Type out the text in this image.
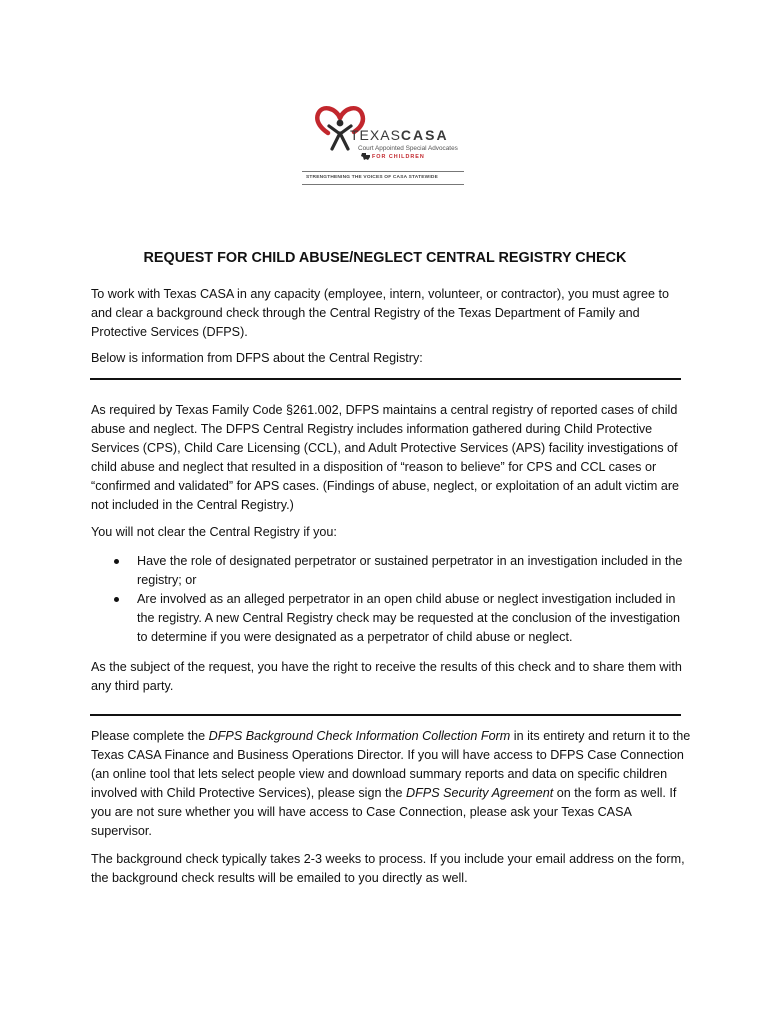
TEXASCASA
Court Appointed Special Advocates
FOR CHILDREN
STRENGTHENING THE VOICES OF CASA STATEWIDE
REQUEST FOR CHILD ABUSE/NEGLECT CENTRAL REGISTRY CHECK

To work with Texas CASA in any capacity (employee, intern, volunteer, or contractor), you must agree to and clear a background check through the Central Registry of the Texas Department of Family and Protective Services (DFPS).

Below is information from DFPS about the Central Registry:

As required by Texas Family Code §261.002, DFPS maintains a central registry of reported cases of child abuse and neglect. The DFPS Central Registry includes information gathered during Child Protective Services (CPS), Child Care Licensing (CCL), and Adult Protective Services (APS) facility investigations of child abuse and neglect that resulted in a disposition of “reason to believe” for CPS and CCL cases or “confirmed and validated” for APS cases. (Findings of abuse, neglect, or exploitation of an adult victim are not included in the Central Registry.)

You will not clear the Central Registry if you:

Have the role of designated perpetrator or sustained perpetrator in an investigation included in the registry; or
Are involved as an alleged perpetrator in an open child abuse or neglect investigation included in the registry. A new Central Registry check may be requested at the conclusion of the investigation to determine if you were designated as a perpetrator of child abuse or neglect.

As the subject of the request, you have the right to receive the results of this check and to share them with any third party.

Please complete the DFPS Background Check Information Collection Form in its entirety and return it to the Texas CASA Finance and Business Operations Director. If you will have access to DFPS Case Connection (an online tool that lets select people view and download summary reports and data on specific children involved with Child Protective Services), please sign the DFPS Security Agreement on the form as well. If you are not sure whether you will have access to Case Connection, please ask your Texas CASA supervisor.

The background check typically takes 2-3 weeks to process. If you include your email address on the form, the background check results will be emailed to you directly as well.
